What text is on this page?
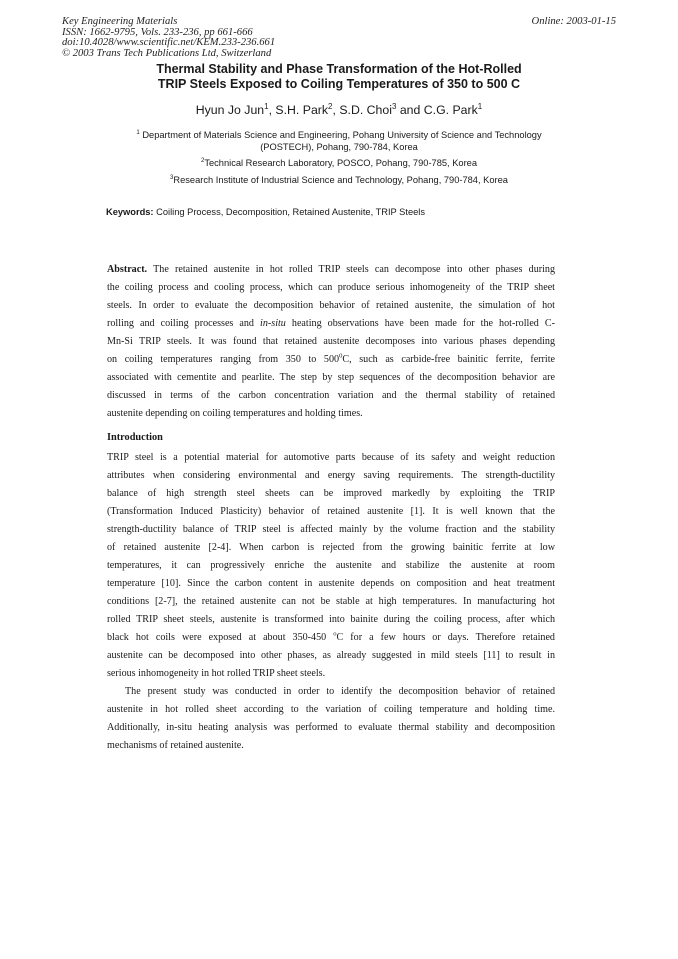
Key Engineering Materials
ISSN: 1662-9795, Vols. 233-236, pp 661-666
doi:10.4028/www.scientific.net/KEM.233-236.661
© 2003 Trans Tech Publications Ltd, Switzerland
Online: 2003-01-15
Thermal Stability and Phase Transformation of the Hot-Rolled
TRIP Steels Exposed to Coiling Temperatures of 350 to 500 C
Hyun Jo Jun$^1$, S.H. Park$^2$, S.D. Choi$^3$ and C.G. Park$^1$
$^1$ Department of Materials Science and Engineering, Pohang University of Science and Technology
(POSTECH), Pohang, 790-784, Korea
$^2$Technical Research Laboratory, POSCO, Pohang, 790-785, Korea
$^3$Research Institute of Industrial Science and Technology, Pohang, 790-784, Korea
Keywords: Coiling Process, Decomposition, Retained Austenite, TRIP Steels
Abstract. The retained austenite in hot rolled TRIP steels can decompose into other phases during
the coiling process and cooling process, which can produce serious inhomogeneity of the TRIP sheet
steels. In order to evaluate the decomposition behavior of retained austenite, the simulation of hot
rolling and coiling processes and in-situ heating observations have been made for the hot-rolled C-
Mn-Si TRIP steels. It was found that retained austenite decomposes into various phases depending
on coiling temperatures ranging from 350 to $500^0C$, such as carbide-free bainitic ferrite, ferrite
associated with cementite and pearlite. The step by step sequences of the decomposition behavior are
discussed in terms of the carbon concentration variation and the thermal stability of retained
austenite depending on coiling temperatures and holding times.
Introduction
TRIP steel is a potential material for automotive parts because of its safety and weight reduction
attributes when considering environmental and energy saving requirements. The strength-ductility
balance of high strength steel sheets can be improved markedly by exploiting the TRIP
(Transformation Induced Plasticity) behavior of retained austenite [1]. It is well known that the
strength-ductility balance of TRIP steel is affected mainly by the volume fraction and the stability
of retained austenite [2-4]. When carbon is rejected from the growing bainitic ferrite at low
temperatures, it can progressively enriche the austenite and stabilize the austenite at room
temperature [10]. Since the carbon content in austenite depends on composition and heat treatment
conditions [2-7], the retained austenite can not be stable at high temperatures. In manufacturing hot
rolled TRIP sheet steels, austenite is transformed into bainite during the coiling process, after which
black hot coils were exposed at about 350-450 $^o$C for a few hours or days. Therefore retained
austenite can be decomposed into other phases, as already suggested in mild steels [11] to result in
serious inhomogeneity in hot rolled TRIP sheet steels.
The present study was conducted in order to identify the decomposition behavior of retained
austenite in hot rolled sheet according to the variation of coiling temperature and holding time.
Additionally, in-situ heating analysis was performed to evaluate thermal stability and decomposition
mechanisms of retained austenite.
